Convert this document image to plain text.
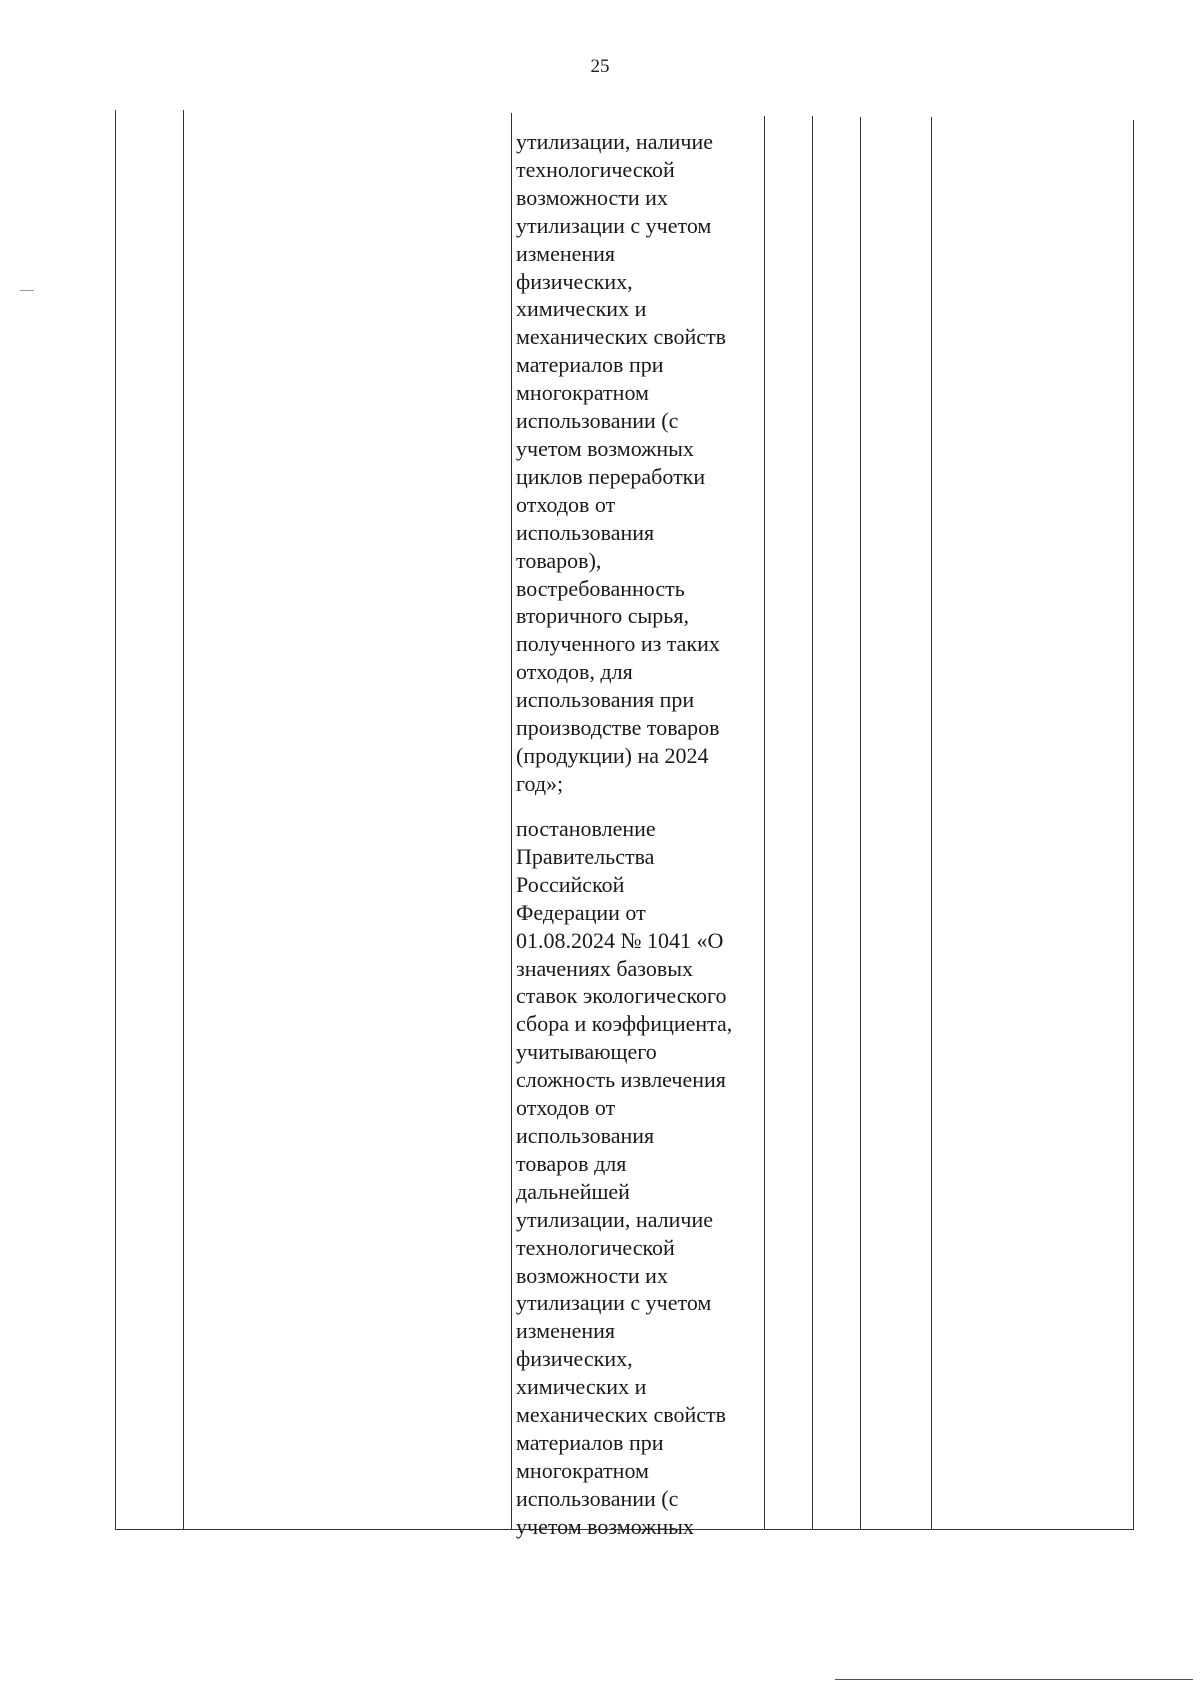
25
утилизации, наличие
технологической
возможности их
утилизации с учетом
изменения
физических,
химических и
механических свойств
материалов при
многократном
использовании (с
учетом возможных
циклов переработки
отходов от
использования
товаров),
востребованность
вторичного сырья,
полученного из таких
отходов, для
использования при
производстве товаров
(продукции) на 2024
год»;
постановление
Правительства
Российской
Федерации от
01.08.2024 № 1041 «О
значениях базовых
ставок экологического
сбора и коэффициента,
учитывающего
сложность извлечения
отходов от
использования
товаров для
дальнейшей
утилизации, наличие
технологической
возможности их
утилизации с учетом
изменения
физических,
химических и
механических свойств
материалов при
многократном
использовании (с
учетом возможных
